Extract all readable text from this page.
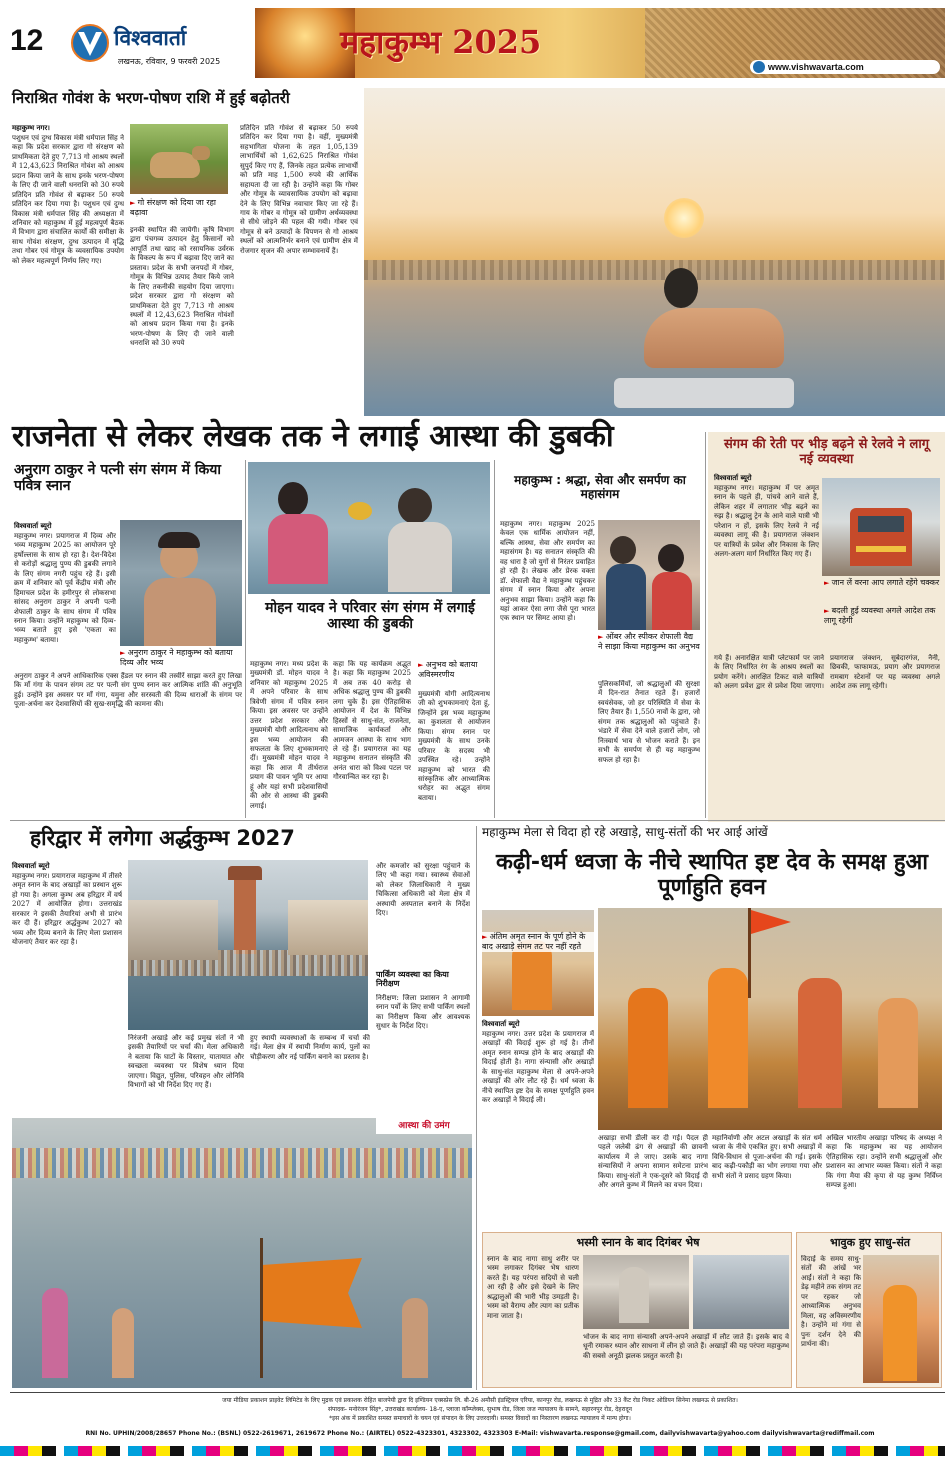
12	विश्ववार्ता
लखनऊ, रविवार, 9 फरवरी 2025
महाकुम्भ 2025
www.vishwavarta.com
निराश्रित गोवंश के भरण-पोषण राशि में हुई बढ़ोतरी
महाकुम्भ नगर।
पशुधन एवं दुग्ध विकास मंत्री धर्मपाल सिंह ने कहा कि प्रदेश सरकार द्वारा गो संरक्षण को प्राथमिकता देते हुए 7,713 गो आश्रय स्थलों में 12,43,623 निराश्रित गोवंश को आश्रय प्रदान किया जाने के साथ इनके भरण-पोषण के लिए दी जाने वाली धनराशि को 30 रुपये प्रतिदिन प्रति गोवंश से बढ़ाकर 50 रुपये प्रतिदिन कर दिया गया है। पशुधन एवं दुग्ध विकास मंत्री धर्मपाल सिंह की अध्यक्षता में शनिवार को महाकुम्भ में हुई महत्वपूर्ण बैठक में विभाग द्वारा संचालित कार्यों की समीक्षा के साथ गोवंश संरक्षण, दुग्ध उत्पादन में वृद्धि तथा गोबर एवं गोमूत्र के व्यवसायिक उपयोग को लेकर महत्वपूर्ण निर्णय लिए गए।
► गो संरक्षण को दिया जा रहा बढ़ावा
इनकी स्थापित की जायेगी। कृषि विभाग द्वारा पंचगव्य उत्पादन हेतु किसानों को आपूर्ति तथा खाद को रसायनिक उर्वरक के विकल्प के रूप में बढ़ावा दिए जाने का प्रस्ताव। प्रदेश के सभी जनपदों में गोबर, गोमूत्र के विभिन्न उत्पाद तैयार किये जाने के लिए तकनीकी सहयोग दिया जाएगा। प्रदेश सरकार द्वारा गो संरक्षण को प्राथमिकता देते हुए 7,713 गो आश्रय स्थलों में 12,43,623 निराश्रित गोवंशों को आश्रय प्रदान किया गया है। इनके भरण-पोषण के लिए दी जाने वाली धनराशि को 30 रुपये
प्रतिदिन प्रति गोवंश से बढ़ाकर 50 रुपये प्रतिदिन कर दिया गया है। वहीं, मुख्यमंत्री सहभागिता योजना के तहत 1,05,139 लाभार्थियों को 1,62,625 निराश्रित गोवंश सुपुर्द किए गए हैं, जिनके तहत प्रत्येक लाभार्थी को प्रति माह 1,500 रुपये की आर्थिक सहायता दी जा रही है। उन्होंने कहा कि गोबर और गोमूत्र के व्यावसायिक उपयोग को बढ़ावा देने के लिए विभिन्न नवाचार किए जा रहे हैं। गाय के गोबर व गोमूत्र को ग्रामीण अर्थव्यवस्था से सीधे जोड़ने की पहल की गयी। गोबर एवं गोमूत्र से बने उत्पादों के विपणन से गो आश्रय स्थलों को आत्मनिर्भर बनाने एवं ग्रामीण क्षेत्र में रोजगार सृजन की अपार सम्भावनायें हैं।
राजनेता से लेकर लेखक तक ने लगाई आस्था की डुबकी
अनुराग ठाकुर ने पत्नी संग संगम में किया पवित्र स्नान
विश्ववार्ता ब्यूरो
महाकुम्भ नगर। प्रयागराज में दिव्य और भव्य महाकुम्भ 2025 का आयोजन पूरे हर्षोल्लास के साथ हो रहा है। देश-विदेश से करोड़ों श्रद्धालु पुण्य की डुबकी लगाने के लिए संगम नगरी पहुंच रहे हैं। इसी क्रम में शनिवार को पूर्व केंद्रीय मंत्री और हिमाचल प्रदेश के हमीरपुर से लोकसभा सांसद अनुराग ठाकुर ने अपनी पत्नी शेफाली ठाकुर के साथ संगम में पवित्र स्नान किया। उन्होंने महाकुम्भ को दिव्य-भव्य बताते हुए इसे 'एकता का महाकुम्भ' बताया।
► अनुराग ठाकुर ने महाकुम्भ को बताया दिव्य और भव्य
अनुराग ठाकुर ने अपने आधिकारिक एक्स हैंडल पर स्नान की तस्वीरें साझा करते हुए लिखा कि माँ गंगा के पावन संगम तट पर पत्नी संग पुण्य स्नान कर आत्मिक शांति की अनुभूति हुई। उन्होंने इस अवसर पर माँ गंगा, यमुना और सरस्वती की दिव्य धाराओं के संगम पर पूजा-अर्चना कर देशवासियों की सुख-समृद्धि की कामना की।
मोहन यादव ने परिवार संग संगम में लगाई आस्था की डुबकी
महाकुम्भ नगर। मध्य प्रदेश के मुख्यमंत्री डॉ. मोहन यादव ने शनिवार को महाकुम्भ 2025 में अपने परिवार के साथ त्रिवेणी संगम में पवित्र स्नान किया। इस अवसर पर उन्होंने उत्तर प्रदेश सरकार और मुख्यमंत्री योगी आदित्यनाथ को इस भव्य आयोजन की सफलता के लिए शुभकामनाएं दीं। मुख्यमंत्री मोहन यादव ने कहा कि आज मैं तीर्थराज प्रयाग की पावन भूमि पर आया हूं और यहां सभी प्रदेशवासियों की ओर से आस्था की डुबकी लगाई।
कहा कि यह कार्यक्रम अद्भुत है। कहा कि महाकुम्भ 2025 में अब तक 40 करोड़ से अधिक श्रद्धालु पुण्य की डुबकी लगा चुके हैं। इस ऐतिहासिक आयोजन में देश के विभिन्न हिस्सों से साधु-संत, राजनेता, सामाजिक कार्यकर्ता और आमजन आस्था के साथ भाग ले रहे हैं। प्रयागराज का यह महाकुम्भ सनातन संस्कृति की अनंत धारा को विश्व पटल पर गौरवान्वित कर रहा है।
► अनुभव को बताया अविस्मरणीय
मुख्यमंत्री योगी आदित्यनाथ जी को शुभकामनाएं देता हूं, जिन्होंने इस भव्य महाकुम्भ का कुशलता से आयोजन किया। संगम स्नान पर मुख्यमंत्री के साथ उनके परिवार के सदस्य भी उपस्थित रहे। उन्होंने महाकुम्भ को भारत की सांस्कृतिक और आध्यात्मिक धरोहर का अद्भुत संगम बताया।
महाकुम्भ : श्रद्धा, सेवा और समर्पण का महासंगम
महाकुम्भ नगर। महाकुम्भ 2025 केवल एक धार्मिक आयोजन नहीं, बल्कि आस्था, सेवा और समर्पण का महासंगम है। यह सनातन संस्कृति की वह धारा है जो युगों से निरंतर प्रवाहित हो रही है। लेखक और प्रेरक वक्ता डॉ. शेफाली वैद्य ने महाकुम्भ पहुंचकर संगम में स्नान किया और अपना अनुभव साझा किया। उन्होंने कहा कि यहां आकर ऐसा लगा जैसे पूरा भारत एक स्थान पर सिमट आया हो।
► ओंबर और स्पीकर शेफाली वैद्य ने साझा किया महाकुम्भ का अनुभव
पुलिसकर्मियों, जो श्रद्धालुओं की सुरक्षा में दिन-रात तैनात रहते हैं। हजारों स्वयंसेवक, जो हर परिस्थिति में सेवा के लिए तैयार हैं। 1,550 नावों के द्वारा, जो संगम तक श्रद्धालुओं को पहुंचाते हैं। भंडारे में सेवा देने वाले हजारों लोग, जो निःस्वार्थ भाव से भोजन कराते हैं। इन सभी के समर्पण से ही यह महाकुम्भ सफल हो रहा है।
संगम की रेती पर भीड़ बढ़ने से रेलवे ने लागू नई व्यवस्था
विश्ववार्ता ब्यूरो
महाकुम्भ नगर। महाकुम्भ में पर अमृत स्नान के पहले ही, पांचवे आने वाले हैं, लेकिन शहर में लगातार भीड़ बढ़ने का रुझ है। श्रद्धालु ट्रेन के आने वाले यात्री भी परेशान न हों, इसके लिए रेलवे ने नई व्यवस्था लागू की है। प्रयागराज जंक्शन पर यात्रियों के प्रवेश और निकास के लिए अलग-अलग मार्ग निर्धारित किए गए हैं।
► जान लें वरना आप लगाते रहेंगे चक्कर
► बदली हुई व्यवस्था अगले आदेश तक लागू रहेगी
गये हैं। अनारक्षित यात्री प्लेटफार्म पर जाने के लिए निर्धारित रंग के आश्रय स्थलों का प्रयोग करेंगे। आरक्षित टिकट वाले यात्रियों को अलग प्रवेश द्वार से प्रवेश दिया जाएगा। प्रयागराज जंक्शन, सूबेदारगंज, नैनी, छिवकी, फाफामऊ, प्रयाग और प्रयागराज रामबाग स्टेशनों पर यह व्यवस्था अगले आदेश तक लागू रहेगी।
हरिद्वार में लगेगा अर्द्धकुम्भ 2027
विश्ववार्ता ब्यूरो
महाकुम्भ नगर। प्रयागराज महाकुम्भ में तीसरे अमृत स्नान के बाद अखाड़ों का प्रस्थान शुरू हो गया है। अगला कुम्भ अब हरिद्वार में वर्ष 2027 में आयोजित होगा। उत्तराखंड सरकार ने इसकी तैयारियां अभी से प्रारंभ कर दी हैं। हरिद्वार अर्द्धकुम्भ 2027 को भव्य और दिव्य बनाने के लिए मेला प्रशासन योजनाएं तैयार कर रहा है।
निरंजनी अखाड़े और कई प्रमुख संतों ने भी इसकी तैयारियों पर चर्चा की। मेला अधिकारी ने बताया कि घाटों के विस्तार, यातायात और स्वच्छता व्यवस्था पर विशेष ध्यान दिया जाएगा। विद्युत, पुलिस, परिवहन और लोनिवि विभागों को भी निर्देश दिए गए हैं।
हुए स्थायी व्यवस्थाओं के सम्बन्ध में चर्चा की गई। मेला क्षेत्र में स्थायी निर्माण कार्य, पुलों का चौड़ीकरण और नई पार्किंग बनाने का प्रस्ताव है।
और कमजोर को सुरक्षा पहुंचाने के लिए भी कहा गया। स्वास्थ्य सेवाओं को लेकर जिलाधिकारी ने मुख्य चिकित्सा अधिकारी को मेला क्षेत्र में अस्थायी अस्पताल बनाने के निर्देश दिए।
पार्किंग व्यवस्था का किया निरीक्षण
निरीक्षण: जिला प्रशासन ने आगामी स्नान पर्वों के लिए सभी पार्किंग स्थलों का निरीक्षण किया और आवश्यक सुधार के निर्देश दिए।
आस्था की उमंग
महाकुम्भ मेला से विदा हो रहे अखाड़े, साधु-संतों की भर आई आंखें
कढ़ी-धर्म ध्वजा के नीचे स्थापित इष्ट देव के समक्ष हुआ पूर्णाहुति हवन
► अंतिम अमृत स्नान के पूर्ण होने के बाद अखाड़े संगम तट पर नहीं रहते
विश्ववार्ता ब्यूरो
महाकुम्भ नगर। उत्तर प्रदेश के प्रयागराज में अखाड़ों की विदाई शुरू हो गई है। तीनों अमृत स्नान सम्पन्न होने के बाद अखाड़ों की विदाई होती है। नागा संन्यासी और अखाड़ों के साधु-संत महाकुम्भ मेला से अपने-अपने अखाड़ों की ओर लौट रहे हैं। धर्म ध्वजा के नीचे स्थापित इष्ट देव के समक्ष पूर्णाहुति हवन कर अखाड़ों ने विदाई ली।
अखाड़ा सभी डीली कर दी गई। पैदल ही पहले जलेबी ढंग से अखाड़ों की छावनी कार्यालय में ले जाए। उसके बाद नागा संन्यासियों ने अपना सामान समेटना प्रारंभ किया। साधु-संतों ने एक-दूसरे को विदाई दी और अगले कुम्भ में मिलने का वचन दिया।
महानिर्वाणी और अटल अखाड़ों के संत धर्म ध्वजा के नीचे एकत्रित हुए। सभी अखाड़ों में विधि-विधान से पूजा-अर्चना की गई। इसके बाद कढ़ी-पकौड़ी का भोग लगाया गया और सभी संतों ने प्रसाद ग्रहण किया।
अखिल भारतीय अखाड़ा परिषद के अध्यक्ष ने कहा कि महाकुम्भ का यह आयोजन ऐतिहासिक रहा। उन्होंने सभी श्रद्धालुओं और प्रशासन का आभार व्यक्त किया। संतों ने कहा कि गंगा मैया की कृपा से यह कुम्भ निर्विघ्न सम्पन्न हुआ।
भस्मी स्नान के बाद दिगंबर भेष
स्नान के बाद नागा साधु शरीर पर भस्म लगाकर दिगंबर भेष धारण करते हैं। यह परंपरा सदियों से चली आ रही है और इसे देखने के लिए श्रद्धालुओं की भारी भीड़ उमड़ती है। भस्म को वैराग्य और त्याग का प्रतीक माना जाता है।
भोजन के बाद नागा संन्यासी अपने-अपने अखाड़ों में लौट जाते हैं। इसके बाद वे धूनी रमाकर ध्यान और साधना में लीन हो जाते हैं। अखाड़ों की यह परंपरा महाकुम्भ की सबसे अनूठी झलक प्रस्तुत करती है।
भावुक हुए साधु-संत
विदाई के समय साधु-संतों की आंखें भर आईं। संतों ने कहा कि डेढ़ महीने तक संगम तट पर रहकर जो आध्यात्मिक अनुभव मिला, वह अविस्मरणीय है। उन्होंने मां गंगा से पुनः दर्शन देने की प्रार्थना की।
जया मीडिया प्रकाशन प्राइवेट लिमिटेड के लिए मुद्रक एवं प्रकाशक रोहित बाजपेयी द्वारा दि इण्डियन एक्सप्रेस लि. बी-26 अमौसी इंडस्ट्रियल एरिया, कानपुर रोड, लखनऊ से मुद्रित और 33 कैंट रोड निकट ओडियन सिनेमा लखनऊ से प्रकाशित।
संपादक- मनोरंजन सिंह*, उत्तराखंड कार्यालय- 18-ए, प्लाजा कॉम्प्लेक्स, सुभाष रोड, जिला जज न्यायालय के सामने, सहारनपुर रोड, देहरादून
*इस अंक में प्रकाशित समस्त समाचारों के चयन एवं संपादन के लिए उत्तरदायी। समस्त विवादों का निस्तारण लखनऊ न्यायालय में मान्य होगा।
RNI No. UPHIN/2008/28657 Phone No.: (BSNL) 0522-2619671, 2619672 Phone No.: (AIRTEL) 0522-4323301, 4323302, 4323303 E-Mail: vishwavarta.response@gmail.com, dailyvishwavarta@yahoo.com dailyvishwavarta@rediffmail.com
